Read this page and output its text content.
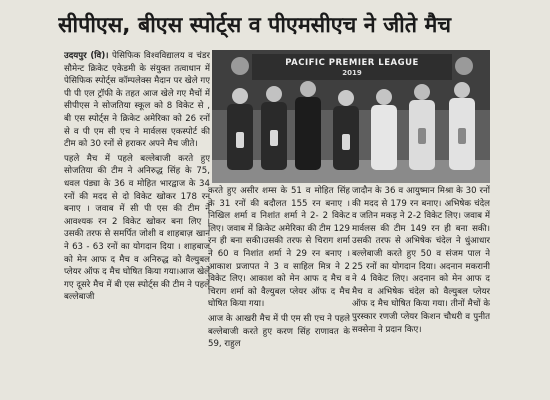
सीपीएस, बीएस स्पोर्ट्स व पीएमसीएच ने जीते मैच

उदयपुर (वि)। पेसिफिक विश्वविद्यालय व चंडर सौमेन्ट क्रिकेट एकेडमी के संयुक्त तत्वाधान में पेसिफिक स्पोर्ट्स कॉम्पलेक्स मैदान पर खेले गए पी पी एल ट्रॉफी के तहत आज खेले गए मैचों में सीपीएस ने सोजतिया स्कूल को 8 विकेट से , बी एस स्पोर्ट्स ने क्रिकेट अमेरिका को 26 रनों से व पी एम सी एच ने मार्वलस एकस्पोर्ट की टीम को 30 रनों से हराकर अपने मैच जीते।

पहले मैच में पहले बल्लेबाजी करते हुए सोजतिया की टीम ने अनिरुद्ध सिंह के 75, धवल पंड्या के 36 व मोहित भारद्वाज के 34 रनों की मदद से दो विकेट खोकर 178 रन बनाए । जवाब में सी पी एस की टीम ने आवश्यक रन 2 विकेट खोकर बना लिए । उसकी तरफ से समर्पित जोशी व शाहबाज़ खान ने 63 - 63 रनों का योगदान दिया । शाहबाज को मेन आफ द मैच व अनिरुद्ध को वैल्युबल प्लेयर ऑफ द मैच घोषित किया गया।आज खेले गए दूसरे मैच में बी एस स्पोर्ट्स की टीम ने पहले बल्लेबाजी

PACIFIC PREMIER LEAGUE
2019

करते हुए असीर शम्स के 51 व मोहित सिंह के 31 रनों की बदौलत 155 रन बनाए । निखिल शर्मा व निशांत शर्मा ने 2- 2 विकेट लिए। जवाब में क्रिकेट अमेरिका की टीम 129 रन ही बना सकी।उसकी तरफ से चिराग शर्मा ने 60 व निशांत शर्मा ने 29 रन बनाए ।आकाश प्रजापत ने 3 व साहिल मित्र ने 2 विकेट लिए। आकाश को मेन आफ द मैच व चिराग शर्मा को वैल्युबल प्लेयर ऑफ द मैच घोषित किया गया।

आज के आखरी मैच में पी एम सी एच ने पहले बल्लेबाजी करते हुए करण सिंह राणावत के 59, राहुल

जादौन के 36 व आयुष्मान मिश्रा के 30 रनों की मदद से 179 रन बनाए। अभिषेक चंदेल व जतिन मकड़ ने 2-2 विकेट लिए। जवाब में मार्वलस की टीम 149 रन ही बना सकी। उसकी तरफ से अभिषेक चंदेल ने धुंआधार बल्लेबाजी करते हुए 50 व संजम पाल ने 25 रनों का योगदान दिया। अदनान मकरानी ने 4 विकेट लिए। अदनान को मेन आफ द मैच व अभिषेक चंदेल को वैल्युबल प्लेयर ऑफ द मैच घोषित किया गया। तीनों मैचों के पुरस्कार रणजी प्लेयर किशन चौधरी व पुनीत सक्सेना ने प्रदान किए।
